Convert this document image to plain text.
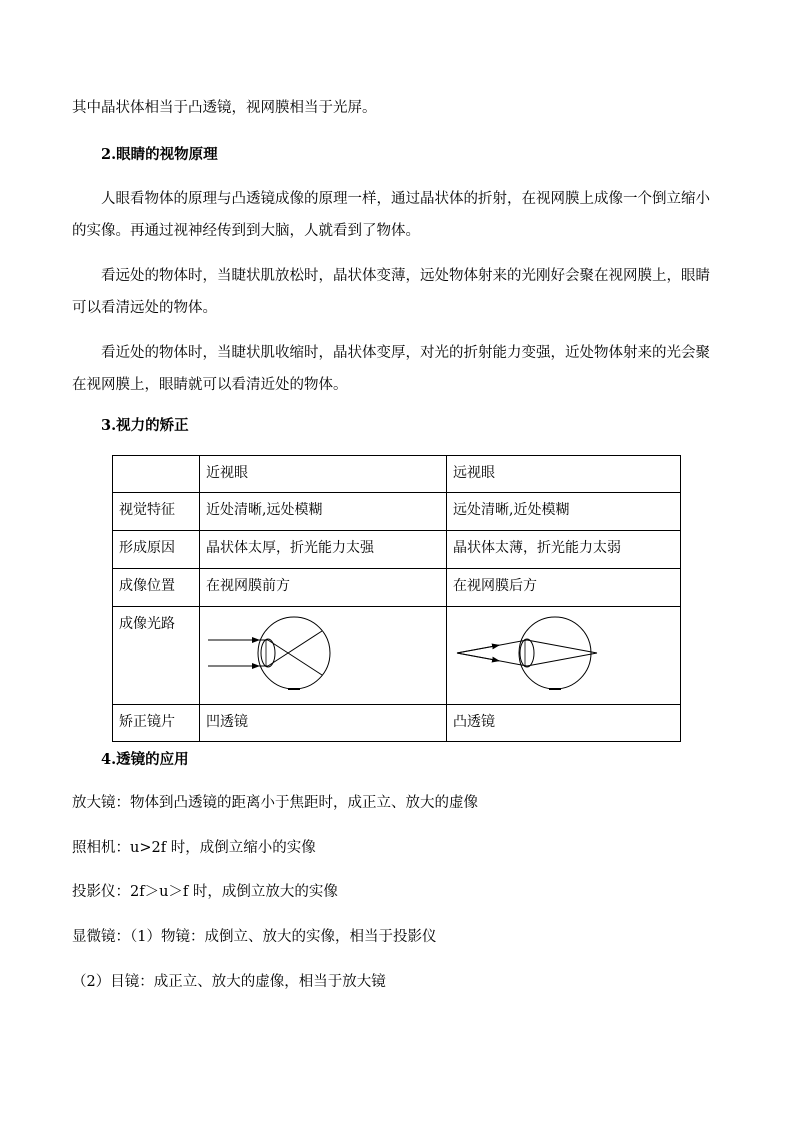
其中晶状体相当于凸透镜，视网膜相当于光屏。

2.眼睛的视物原理

人眼看物体的原理与凸透镜成像的原理一样，通过晶状体的折射，在视网膜上成像一个倒立缩小的实像。再通过视神经传到到大脑，人就看到了物体。

看远处的物体时，当睫状肌放松时，晶状体变薄，远处物体射来的光刚好会聚在视网膜上，眼睛可以看清远处的物体。

看近处的物体时，当睫状肌收缩时，晶状体变厚，对光的折射能力变强，近处物体射来的光会聚在视网膜上，眼睛就可以看清近处的物体。

3.视力的矫正

	近视眼	远视眼
视觉特征	近处清晰,远处模糊	远处清晰,近处模糊
形成原因	晶状体太厚，折光能力太强	晶状体太薄，折光能力太弱
成像位置	在视网膜前方	在视网膜后方
成像光路	

矫正镜片	凹透镜	凸透镜

4.透镜的应用

放大镜：物体到凸透镜的距离小于焦距时，成正立、放大的虚像

照相机：u>2f 时，成倒立缩小的实像

投影仪：2f＞u＞f 时，成倒立放大的实像

显微镜：（1）物镜：成倒立、放大的实像，相当于投影仪

（2）目镜：成正立、放大的虚像，相当于放大镜
